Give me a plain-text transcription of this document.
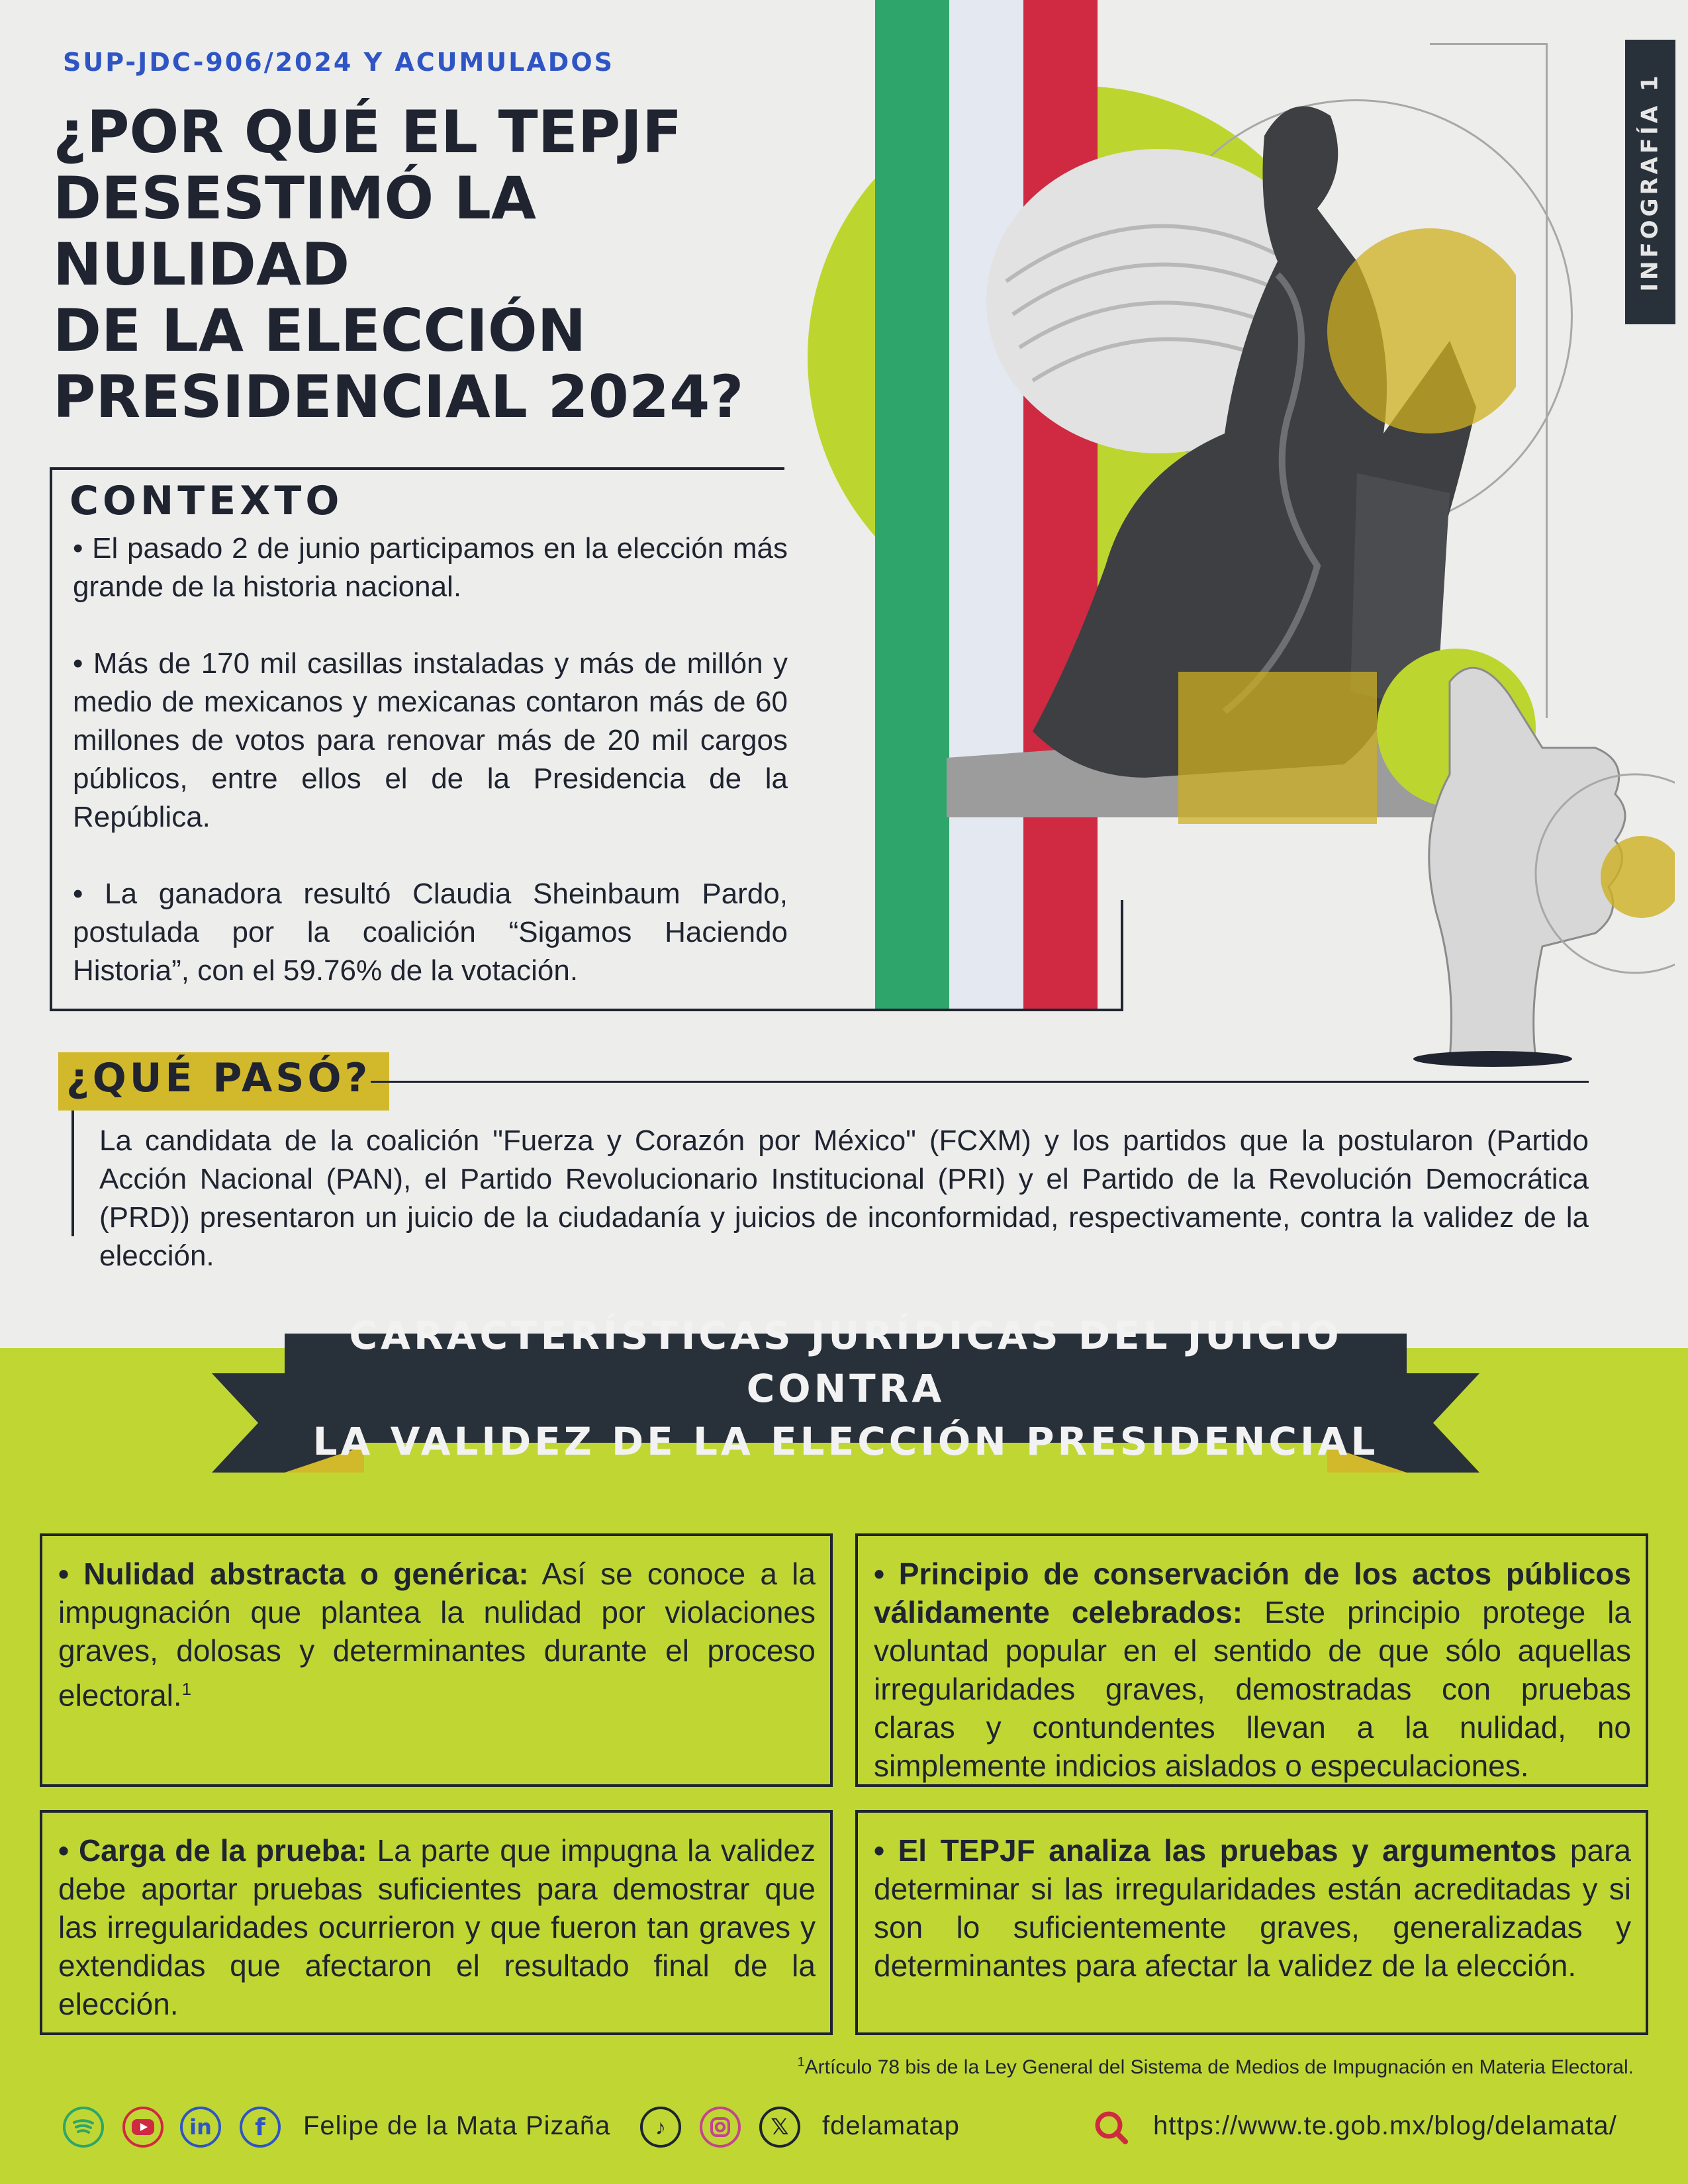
SUP-JDC-906/2024 Y ACUMULADOS
¿POR QUÉ EL TEPJF
DESESTIMÓ LA NULIDAD
DE LA ELECCIÓN
PRESIDENCIAL 2024?
INFOGRAFÍA 1
CONTEXTO

• El pasado 2 de junio participamos en la elección más grande de la historia nacional.

• Más de 170 mil casillas instaladas y más de millón y medio de mexicanos y mexicanas contaron más de 60 millones de votos para renovar más de 20 mil cargos públicos, entre ellos el de la Presidencia de la República.

• La ganadora resultó Claudia Sheinbaum Pardo, postulada por la coalición “Sigamos Haciendo Historia”, con el 59.76% de la votación.

¿QUÉ PASÓ?

La candidata de la coalición "Fuerza y Corazón por México" (FCXM) y los partidos que la postularon (Partido Acción Nacional (PAN), el Partido Revolucionario Institucional (PRI) y el Partido de la Revolución Democrática (PRD)) presentaron un juicio de la ciudadanía y juicios de inconformidad, respectivamente, contra la validez de la elección.

CARACTERÍSTICAS JURÍDICAS DEL JUICIO CONTRA
LA VALIDEZ DE LA ELECCIÓN PRESIDENCIAL
• Nulidad abstracta o genérica: Así se conoce a la impugnación que plantea la nulidad por violaciones graves, dolosas y determinantes durante el proceso electoral.$^1$
• Principio de conservación de los actos públicos válidamente celebrados: Este principio protege la voluntad popular en el sentido de que sólo aquellas irregularidades graves, demostradas con pruebas claras y contundentes llevan a la nulidad, no simplemente indicios aislados o especulaciones.
• Carga de la prueba: La parte que impugna la validez debe aportar pruebas suficientes para demostrar que las irregularidades ocurrieron y que fueron tan graves y extendidas que afectaron el resultado final de la elección.
• El TEPJF analiza las pruebas y argumentos para determinar si las irregularidades están acreditadas y si son lo suficientemente graves, generalizadas y determinantes para afectar la validez de la elección.
$^1$Artículo 78 bis de la Ley General del Sistema de Medios de Impugnación en Materia Electoral.
in	f	Felipe de la Mata Pizaña	♪	𝕏	fdelamatap	https://www.te.gob.mx/blog/delamata/
